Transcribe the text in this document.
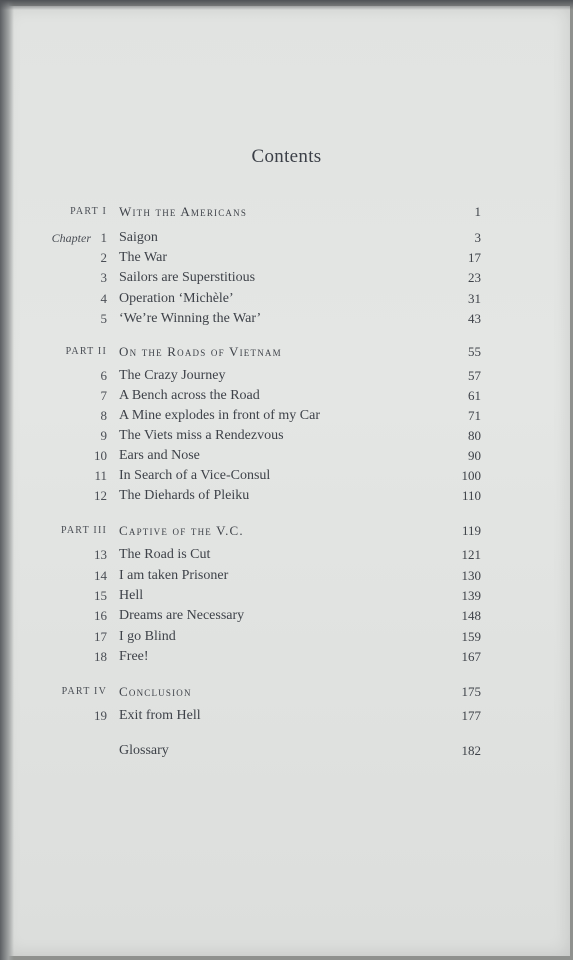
Contents
PART I With the Americans	1
Chapter 1 Saigon	3
2 The War	17
3 Sailors are Superstitious	23
4 Operation ‘Michèle’	31
5 ‘We’re Winning the War’	43
PART II On the Roads of Vietnam	55
6 The Crazy Journey	57
7 A Bench across the Road	61
8 A Mine explodes in front of my Car	71
9 The Viets miss a Rendezvous	80
10 Ears and Nose	90
11 In Search of a Vice-Consul	100
12 The Diehards of Pleiku	110
PART III Captive of the V.C.	119
13 The Road is Cut	121
14 I am taken Prisoner	130
15 Hell	139
16 Dreams are Necessary	148
17 I go Blind	159
18 Free!	167
PART IV Conclusion	175
19 Exit from Hell	177
Glossary	182
